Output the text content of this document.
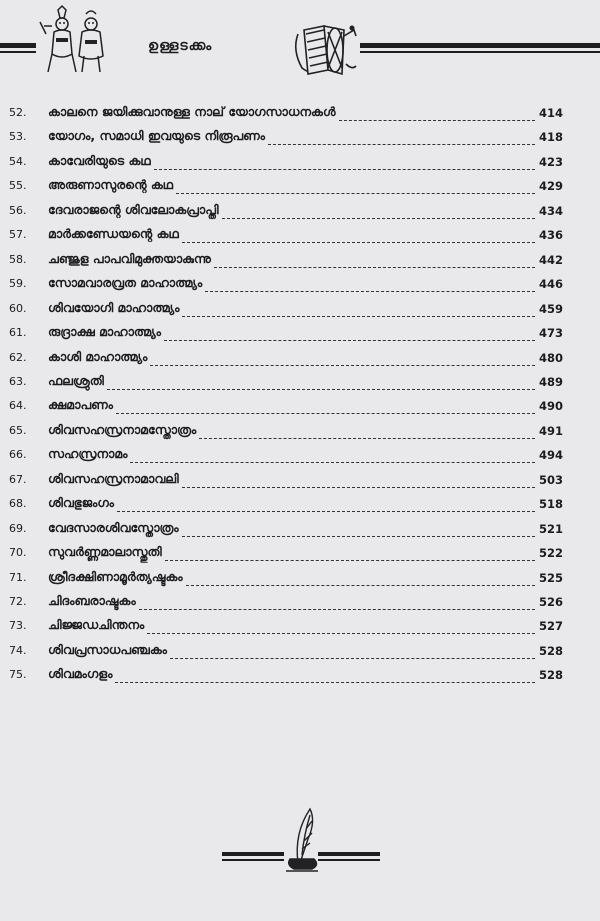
ഉള്ളടക്കം
52.	കാലനെ ജയിക്കുവാനുള്ള നാല് യോഗസാധനകൾ	414
53.	യോഗം, സമാധി ഇവയുടെ നിരൂപണം	418
54.	കാവേരിയുടെ കഥ	423
55.	അരുണാസുരന്റെ കഥ	429
56.	ദേവരാജന്റെ ശിവലോകപ്രാപ്തി	434
57.	മാർക്കണ്ഡേയന്റെ കഥ	436
58.	ചഞ്ജുള പാപവിമുക്തയാകുന്നു	442
59.	സോമവാരവ്രത മാഹാത്മ്യം	446
60.	ശിവയോഗി മാഹാത്മ്യം	459
61.	രുദ്രാക്ഷ മാഹാത്മ്യം	473
62.	കാശി മാഹാത്മ്യം	480
63.	ഫലശ്രുതി	489
64.	ക്ഷമാപണം	490
65.	ശിവസഹസ്രനാമസ്തോത്രം	491
66.	സഹസ്രനാമം	494
67.	ശിവസഹസ്രനാമാവലി	503
68.	ശിവഭുജംഗം	518
69.	വേദസാരശിവസ്തോത്രം	521
70.	സുവർണ്ണമാലാസ്തുതി	522
71.	ശ്രീദക്ഷിണാമൂർത്യഷ്ടകം	525
72.	ചിദംബരാഷ്ടകം	526
73.	ചിജ്ജഡചിന്തനം	527
74.	ശിവപ്രസാധപഞ്ചകം	528
75.	ശിവമംഗളം	528
